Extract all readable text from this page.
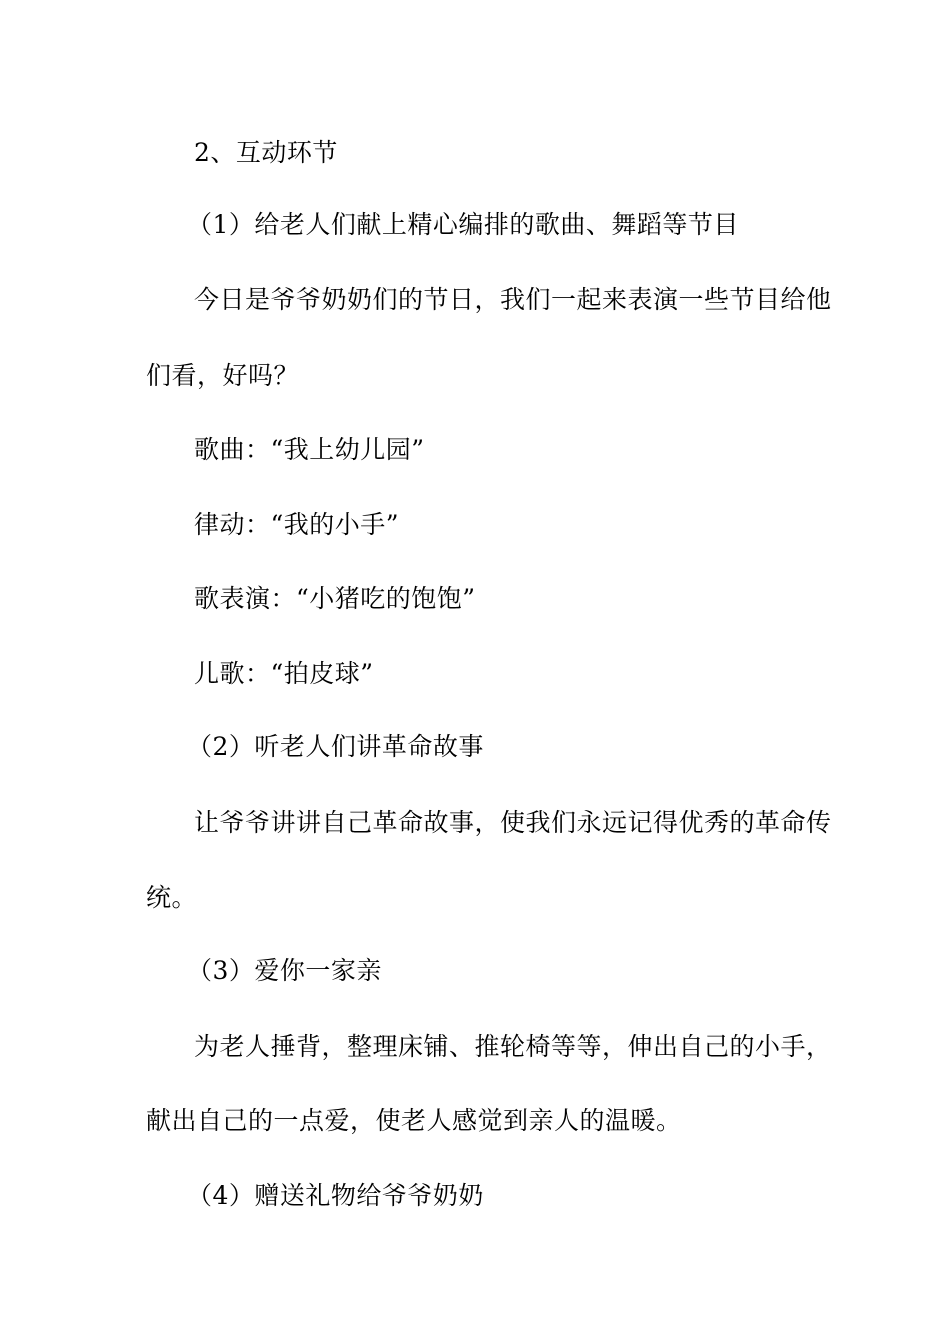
2、互动环节
（1）给老人们献上精心编排的歌曲、舞蹈等节目
今日是爷爷奶奶们的节日，我们一起来表演一些节目给他
们看，好吗？
歌曲：“我上幼儿园”
律动：“我的小手”
歌表演：“小猪吃的饱饱”
儿歌：“拍皮球”
（2）听老人们讲革命故事
让爷爷讲讲自己革命故事，使我们永远记得优秀的革命传
统。
（3）爱你一家亲
为老人捶背，整理床铺、推轮椅等等，伸出自己的小手，
献出自己的一点爱，使老人感觉到亲人的温暖。
（4）赠送礼物给爷爷奶奶
